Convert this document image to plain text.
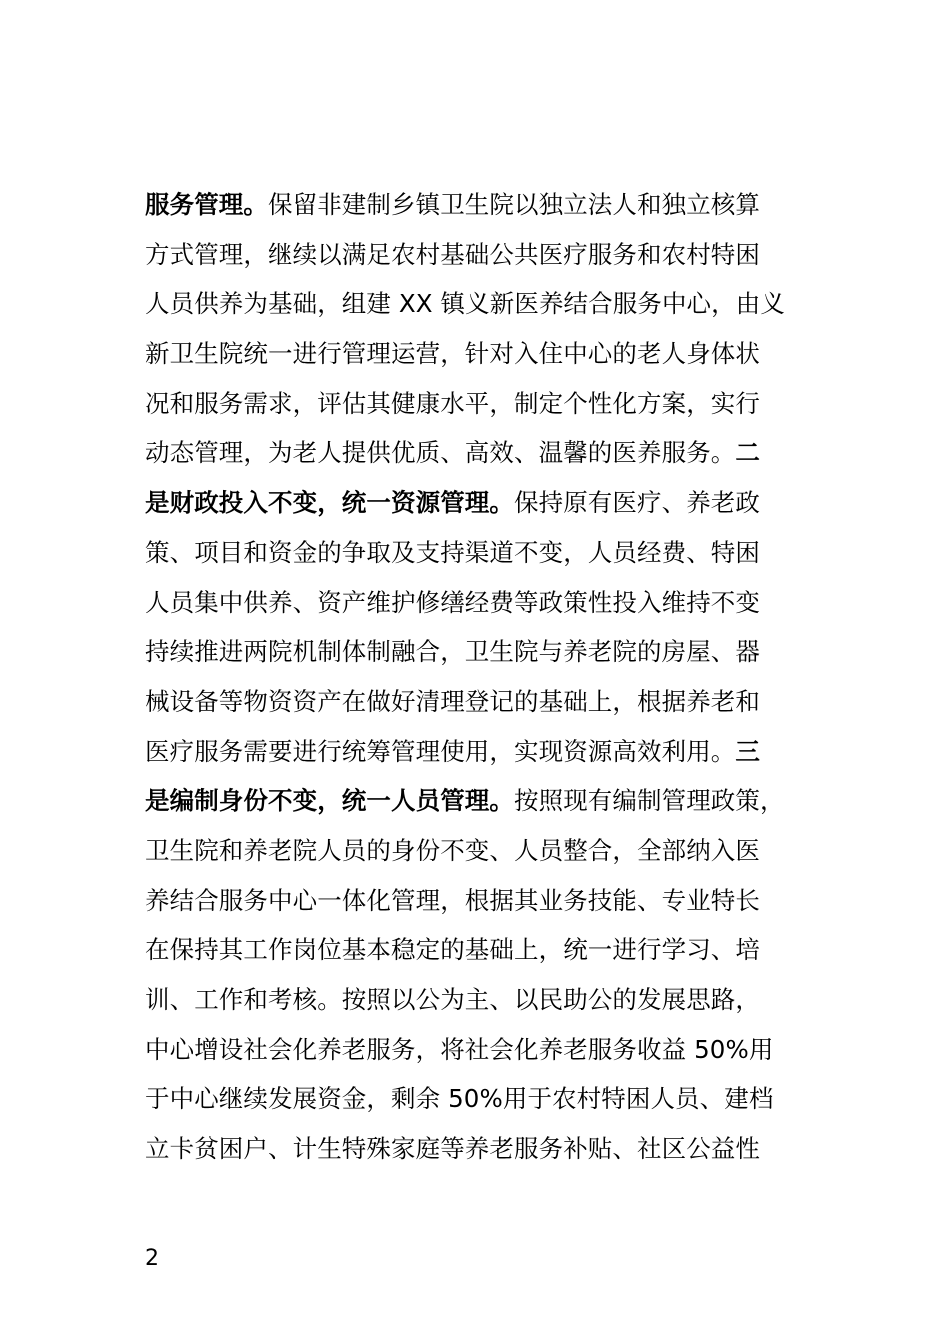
服务管理。保留非建制乡镇卫生院以独立法人和独立核算
方式管理，继续以满足农村基础公共医疗服务和农村特困
人员供养为基础，组建 XX 镇义新医养结合服务中心，由义
新卫生院统一进行管理运营，针对入住中心的老人身体状
况和服务需求，评估其健康水平，制定个性化方案，实行
动态管理，为老人提供优质、高效、温馨的医养服务。二
是财政投入不变，统一资源管理。保持原有医疗、养老政
策、项目和资金的争取及支持渠道不变，人员经费、特困
人员集中供养、资产维护修缮经费等政策性投入维持不变
持续推进两院机制体制融合，卫生院与养老院的房屋、器
械设备等物资资产在做好清理登记的基础上，根据养老和
医疗服务需要进行统筹管理使用，实现资源高效利用。三
是编制身份不变，统一人员管理。按照现有编制管理政策，
卫生院和养老院人员的身份不变、人员整合，全部纳入医
养结合服务中心一体化管理，根据其业务技能、专业特长
在保持其工作岗位基本稳定的基础上，统一进行学习、培
训、工作和考核。按照以公为主、以民助公的发展思路，
中心增设社会化养老服务，将社会化养老服务收益 50%用
于中心继续发展资金，剩余 50%用于农村特困人员、建档
立卡贫困户、计生特殊家庭等养老服务补贴、社区公益性
2
